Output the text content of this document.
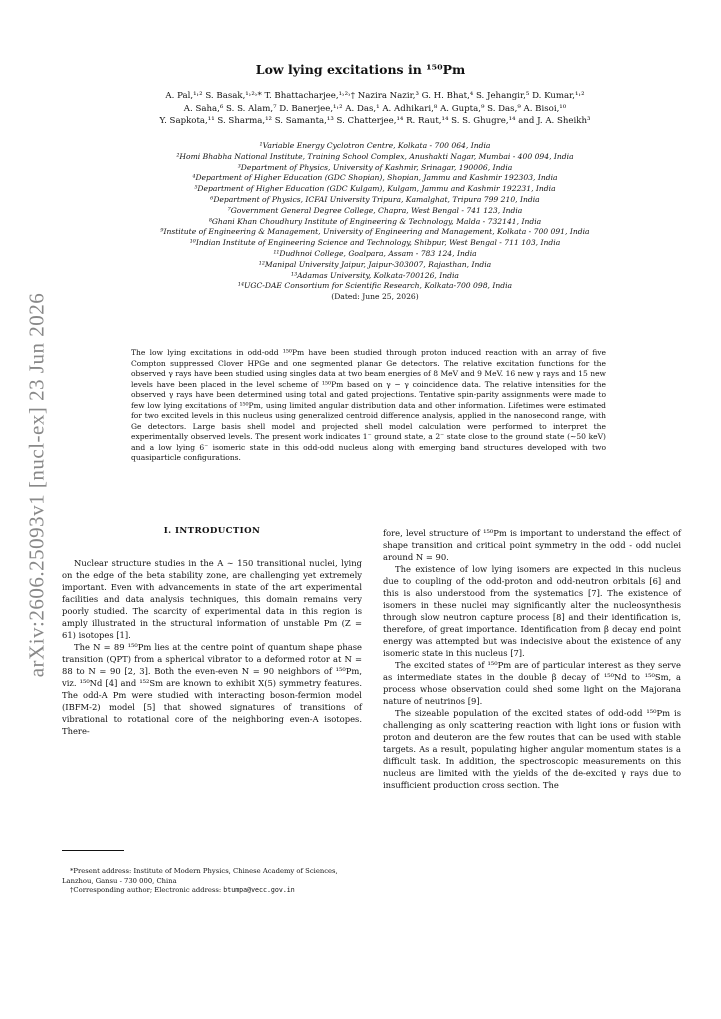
arXiv:2606.25093v1 [nucl-ex] 23 Jun 2026
Low lying excitations in ¹⁵⁰Pm
A. Pal,¹˒² S. Basak,¹˒²˒* T. Bhattacharjee,¹˒²˒† Nazira Nazir,³ G. H. Bhat,⁴ S. Jehangir,⁵ D. Kumar,¹˒²
A. Saha,⁶ S. S. Alam,⁷ D. Banerjee,¹˒² A. Das,¹ A. Adhikari,⁸ A. Gupta,⁹ S. Das,⁹ A. Bisoi,¹⁰
Y. Sapkota,¹¹ S. Sharma,¹² S. Samanta,¹³ S. Chatterjee,¹⁴ R. Raut,¹⁴ S. S. Ghugre,¹⁴ and J. A. Sheikh³
¹Variable Energy Cyclotron Centre, Kolkata - 700 064, India
²Homi Bhabha National Institute, Training School Complex, Anushakti Nagar, Mumbai - 400 094, India
³Department of Physics, University of Kashmir, Srinagar, 190006, India
⁴Department of Higher Education (GDC Shopian), Shopian, Jammu and Kashmir 192303, India
⁵Department of Higher Education (GDC Kulgam), Kulgam, Jammu and Kashmir 192231, India
⁶Department of Physics, ICFAI University Tripura, Kamalghat, Tripura 799 210, India
⁷Government General Degree College, Chapra, West Bengal - 741 123, India
⁸Ghani Khan Choudhury Institute of Engineering & Technology, Malda - 732141, India
⁹Institute of Engineering & Management, University of Engineering and Management, Kolkata - 700 091, India
¹⁰Indian Institute of Engineering Science and Technology, Shibpur, West Bengal - 711 103, India
¹¹Dudhnoi College, Goalpara, Assam - 783 124, India
¹²Manipal University Jaipur, Jaipur-303007, Rajasthan, India
¹³Adamas University, Kolkata-700126, India
¹⁴UGC-DAE Consortium for Scientific Research, Kolkata-700 098, India
(Dated: June 25, 2026)
The low lying excitations in odd-odd ¹⁵⁰Pm have been studied through proton induced reaction with an array of five Compton suppressed Clover HPGe and one segmented planar Ge detectors. The relative excitation functions for the observed γ rays have been studied using singles data at two beam energies of 8 MeV and 9 MeV. 16 new γ rays and 15 new levels have been placed in the level scheme of ¹⁵⁰Pm based on γ − γ coincidence data. The relative intensities for the observed γ rays have been determined using total and gated projections. Tentative spin-parity assignments were made to few low lying excitations of ¹⁵⁰Pm, using limited angular distribution data and other information. Lifetimes were estimated for two excited levels in this nucleus using generalized centroid difference analysis, applied in the nanosecond range, with Ge detectors. Large basis shell model and projected shell model calculation were performed to interpret the experimentally observed levels. The present work indicates 1⁻ ground state, a 2⁻ state close to the ground state (∼50 keV) and a low lying 6⁻ isomeric state in this odd-odd nucleus along with emerging band structures developed with two quasiparticle configurations.
I. INTRODUCTION

Nuclear structure studies in the A ∼ 150 transitional nuclei, lying on the edge of the beta stability zone, are challenging yet extremely important. Even with advancements in state of the art experimental facilities and data analysis techniques, this domain remains very poorly studied. The scarcity of experimental data in this region is amply illustrated in the structural information of unstable Pm (Z = 61) isotopes [1].

The N = 89 ¹⁵⁰Pm lies at the centre point of quantum shape phase transition (QPT) from a spherical vibrator to a deformed rotor at N = 88 to N = 90 [2, 3]. Both the even-even N = 90 neighbors of ¹⁵⁰Pm, viz. ¹⁵⁰Nd [4] and ¹⁵²Sm are known to exhibit X(5) symmetry features. The odd-A Pm were studied with interacting boson-fermion model (IBFM-2) model [5] that showed signatures of transitions of vibrational to rotational core of the neighboring even-A isotopes. There-

fore, level structure of ¹⁵⁰Pm is important to understand the effect of shape transition and critical point symmetry in the odd - odd nuclei around N = 90.

The existence of low lying isomers are expected in this nucleus due to coupling of the odd-proton and odd-neutron orbitals [6] and this is also understood from the systematics [7]. The existence of isomers in these nuclei may significantly alter the nucleosynthesis through slow neutron capture process [8] and their identification is, therefore, of great importance. Identification from β decay end point energy was attempted but was indecisive about the existence of any isomeric state in this nucleus [7].

The excited states of ¹⁵⁰Pm are of particular interest as they serve as intermediate states in the double β decay of ¹⁵⁰Nd to ¹⁵⁰Sm, a process whose observation could shed some light on the Majorana nature of neutrinos [9].

The sizeable population of the excited states of odd-odd ¹⁵⁰Pm is challenging as only scattering reaction with light ions or fusion with proton and deuteron are the few routes that can be used with stable targets. As a result, populating higher angular momentum states is a difficult task. In addition, the spectroscopic measurements on this nucleus are limited with the yields of the de-excited γ rays due to insufficient production cross section. The

*Present address: Institute of Modern Physics, Chinese Academy of Sciences, Lanzhou, Gansu - 730 000, China
†Corresponding author; Electronic address: btumpa@vecc.gov.in
